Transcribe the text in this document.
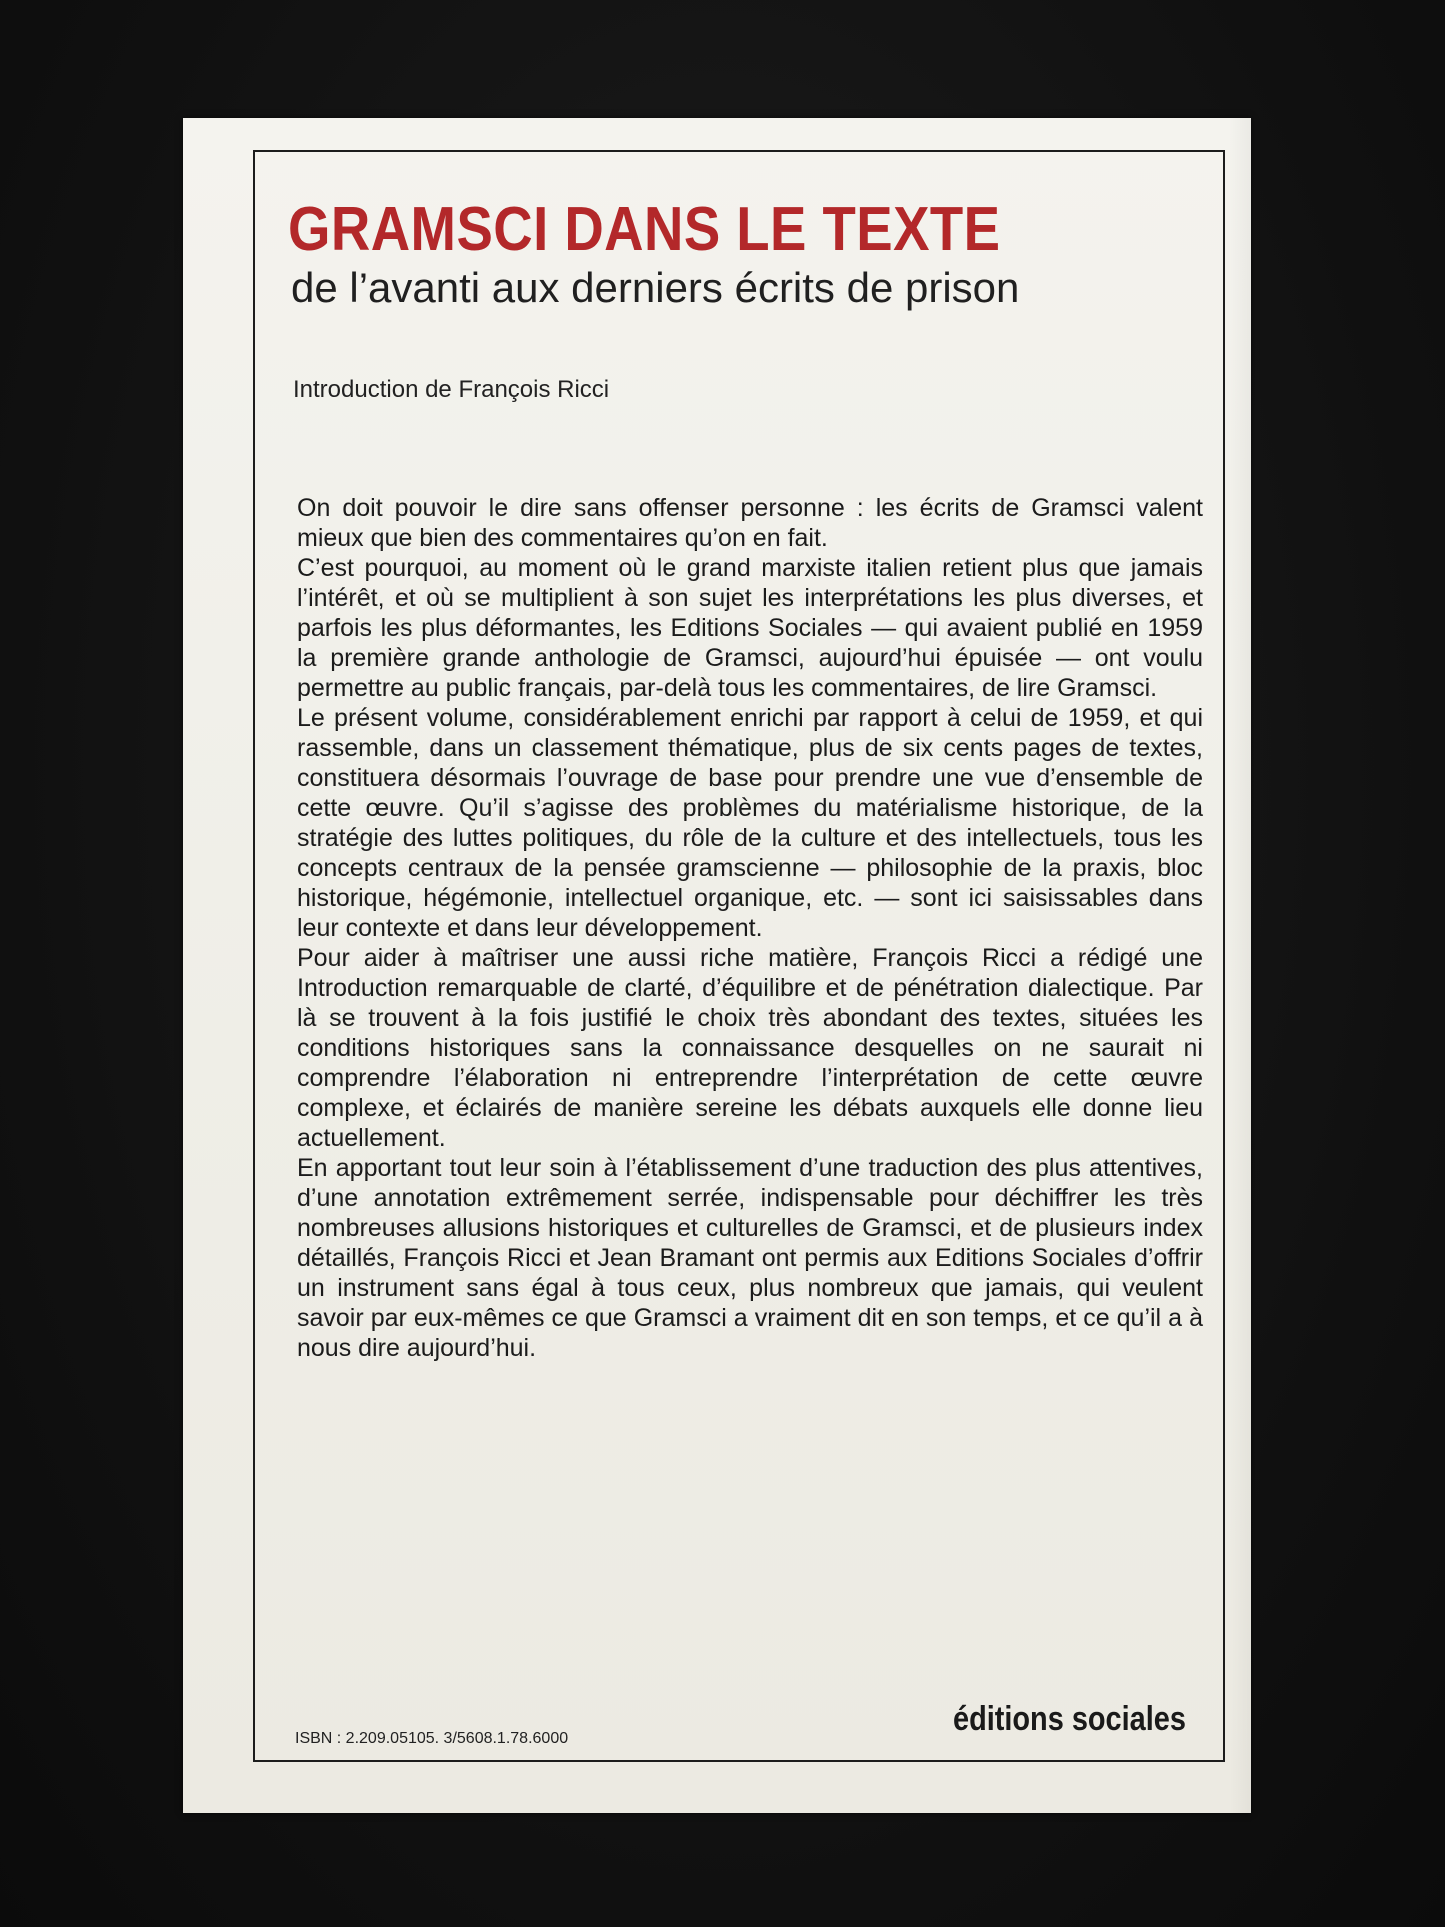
GRAMSCI DANS LE TEXTE
de l’avanti aux derniers écrits de prison
Introduction de François Ricci

On doit pouvoir le dire sans offenser personne : les écrits de Gramsci valent mieux que bien des commentaires qu’on en fait.

C’est pourquoi, au moment où le grand marxiste italien retient plus que jamais l’intérêt, et où se multiplient à son sujet les interprétations les plus diverses, et parfois les plus déformantes, les Editions Sociales — qui avaient publié en 1959 la première grande anthologie de Gramsci, aujourd’hui épuisée — ont voulu permettre au public français, par-delà tous les commentaires, de lire Gramsci.

Le présent volume, considérablement enrichi par rapport à celui de 1959, et qui rassemble, dans un classement thématique, plus de six cents pages de textes, constituera désormais l’ouvrage de base pour prendre une vue d’ensemble de cette œuvre. Qu’il s’agisse des problèmes du matérialisme historique, de la stratégie des luttes politiques, du rôle de la culture et des intellectuels, tous les concepts centraux de la pensée gramscienne — philosophie de la praxis, bloc historique, hégémonie, intellectuel organique, etc. — sont ici saisissables dans leur contexte et dans leur développement.

Pour aider à maîtriser une aussi riche matière, François Ricci a rédigé une Introduction remarquable de clarté, d’équilibre et de pénétration dialectique. Par là se trouvent à la fois justifié le choix très abondant des textes, situées les conditions historiques sans la connaissance desquelles on ne saurait ni comprendre l’élaboration ni entreprendre l’interprétation de cette œuvre complexe, et éclairés de manière sereine les débats auxquels elle donne lieu actuellement.

En apportant tout leur soin à l’établissement d’une traduction des plus attentives, d’une annotation extrêmement serrée, indispensable pour déchiffrer les très nombreuses allusions historiques et culturelles de Gramsci, et de plusieurs index détaillés, François Ricci et Jean Bramant ont permis aux Editions Sociales d’offrir un instrument sans égal à tous ceux, plus nombreux que jamais, qui veulent savoir par eux-mêmes ce que Gramsci a vraiment dit en son temps, et ce qu’il a à nous dire aujourd’hui.

ISBN : 2.209.05105. 3/5608.1.78.6000
éditions sociales
